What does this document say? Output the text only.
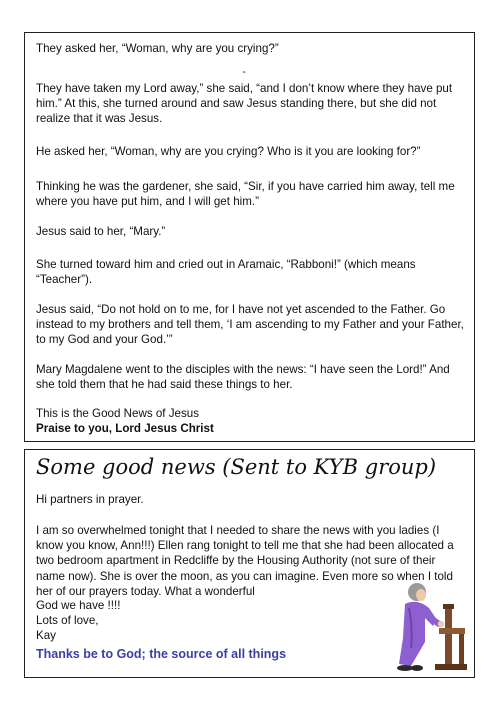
They asked her, “Woman, why are you crying?”

“

They have taken my Lord away,” she said, “and I don’t know where they have put him.” At this, she turned around and saw Jesus standing there, but she did not realize that it was Jesus.

He asked her, “Woman, why are you crying? Who is it you are looking for?”

Thinking he was the gardener, she said, “Sir, if you have carried him away, tell me where you have put him, and I will get him.”

Jesus said to her, “Mary.”

She turned toward him and cried out in Aramaic, “Rabboni!” (which means “Teacher”).

Jesus said, “Do not hold on to me, for I have not yet ascended to the Father. Go instead to my brothers and tell them, ‘I am ascending to my Father and your Father, to my God and your God.’”

Mary Magdalene went to the disciples with the news: “I have seen the Lord!” And she told them that he had said these things to her.

This is the Good News of Jesus

Praise to you, Lord Jesus Christ

Some good news (Sent to KYB group)

Hi partners in prayer.

I am so overwhelmed tonight that I needed to share the news with you ladies (I know you know, Ann!!!) Ellen rang tonight to tell me that she had been allocated a two bedroom apartment in Redcliffe by the Housing Authority (not sure of their name now). She is over the moon, as you can imagine. Even more so when I told her of our prayers today. What a wonderful

God we have !!!!

Lots of love,

Kay

Thanks be to God; the source of all things
